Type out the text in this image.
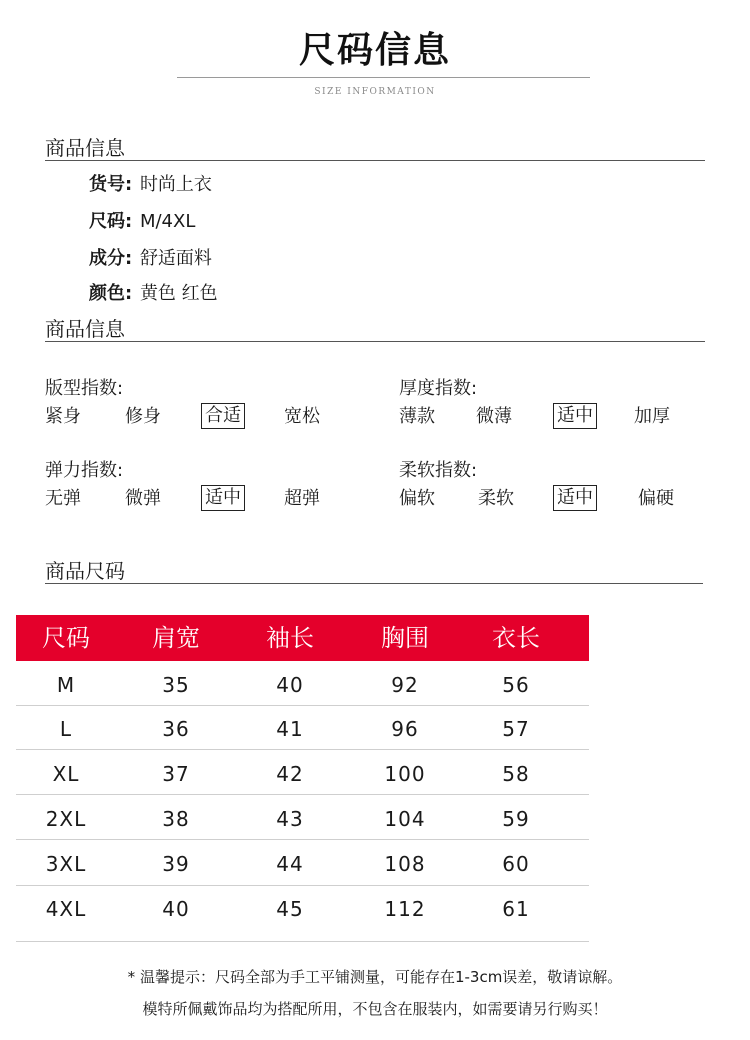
尺码信息
SIZE INFORMATION
商品信息
货号: 时尚上衣
尺码: M/4XL
成分: 舒适面料
颜色: 黄色 红色
商品信息
版型指数:
紧身 修身 合适 宽松
厚度指数:
薄款 微薄	适中 加厚
弹力指数:
无弹 微弹 适中 超弹
柔软指数:
偏软 柔软 适中	偏硬
商品尺码
尺码	肩宽	袖长	胸围	衣长
M	35	40	92	56
L	36	41	96	57
XL	37	42	100	58
2XL	38	43	104	59
3XL	39	44	108	60
4XL	40	45	112	61
* 温馨提示：尺码全部为手工平铺测量，可能存在1-3cm误差，敬请谅解。
模特所佩戴饰品均为搭配所用，不包含在服装内，如需要请另行购买！
